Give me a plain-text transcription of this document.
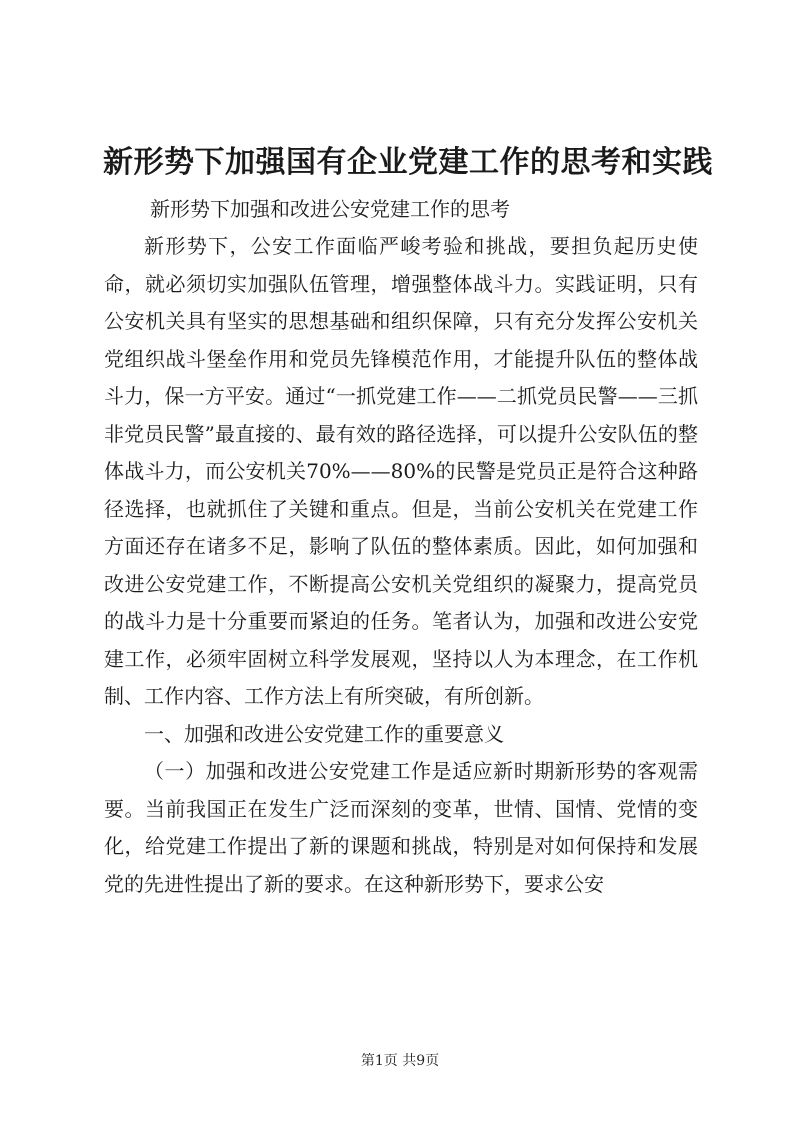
新形势下加强国有企业党建工作的思考和实践
新形势下加强和改进公安党建工作的思考

新形势下，公安工作面临严峻考验和挑战，要担负起历史使命，就必须切实加强队伍管理，增强整体战斗力。实践证明，只有公安机关具有坚实的思想基础和组织保障，只有充分发挥公安机关党组织战斗堡垒作用和党员先锋模范作用，才能提升队伍的整体战斗力，保一方平安。通过“一抓党建工作——二抓党员民警——三抓非党员民警”最直接的、最有效的路径选择，可以提升公安队伍的整体战斗力，而公安机关70%——80%的民警是党员正是符合这种路径选择，也就抓住了关键和重点。但是，当前公安机关在党建工作方面还存在诸多不足，影响了队伍的整体素质。因此，如何加强和改进公安党建工作，不断提高公安机关党组织的凝聚力，提高党员的战斗力是十分重要而紧迫的任务。笔者认为，加强和改进公安党建工作，必须牢固树立科学发展观，坚持以人为本理念，在工作机制、工作内容、工作方法上有所突破，有所创新。

一、加强和改进公安党建工作的重要意义

（一）加强和改进公安党建工作是适应新时期新形势的客观需要。当前我国正在发生广泛而深刻的变革，世情、国情、党情的变化，给党建工作提出了新的课题和挑战，特别是对如何保持和发展党的先进性提出了新的要求。在这种新形势下，要求公安

第1页 共9页
